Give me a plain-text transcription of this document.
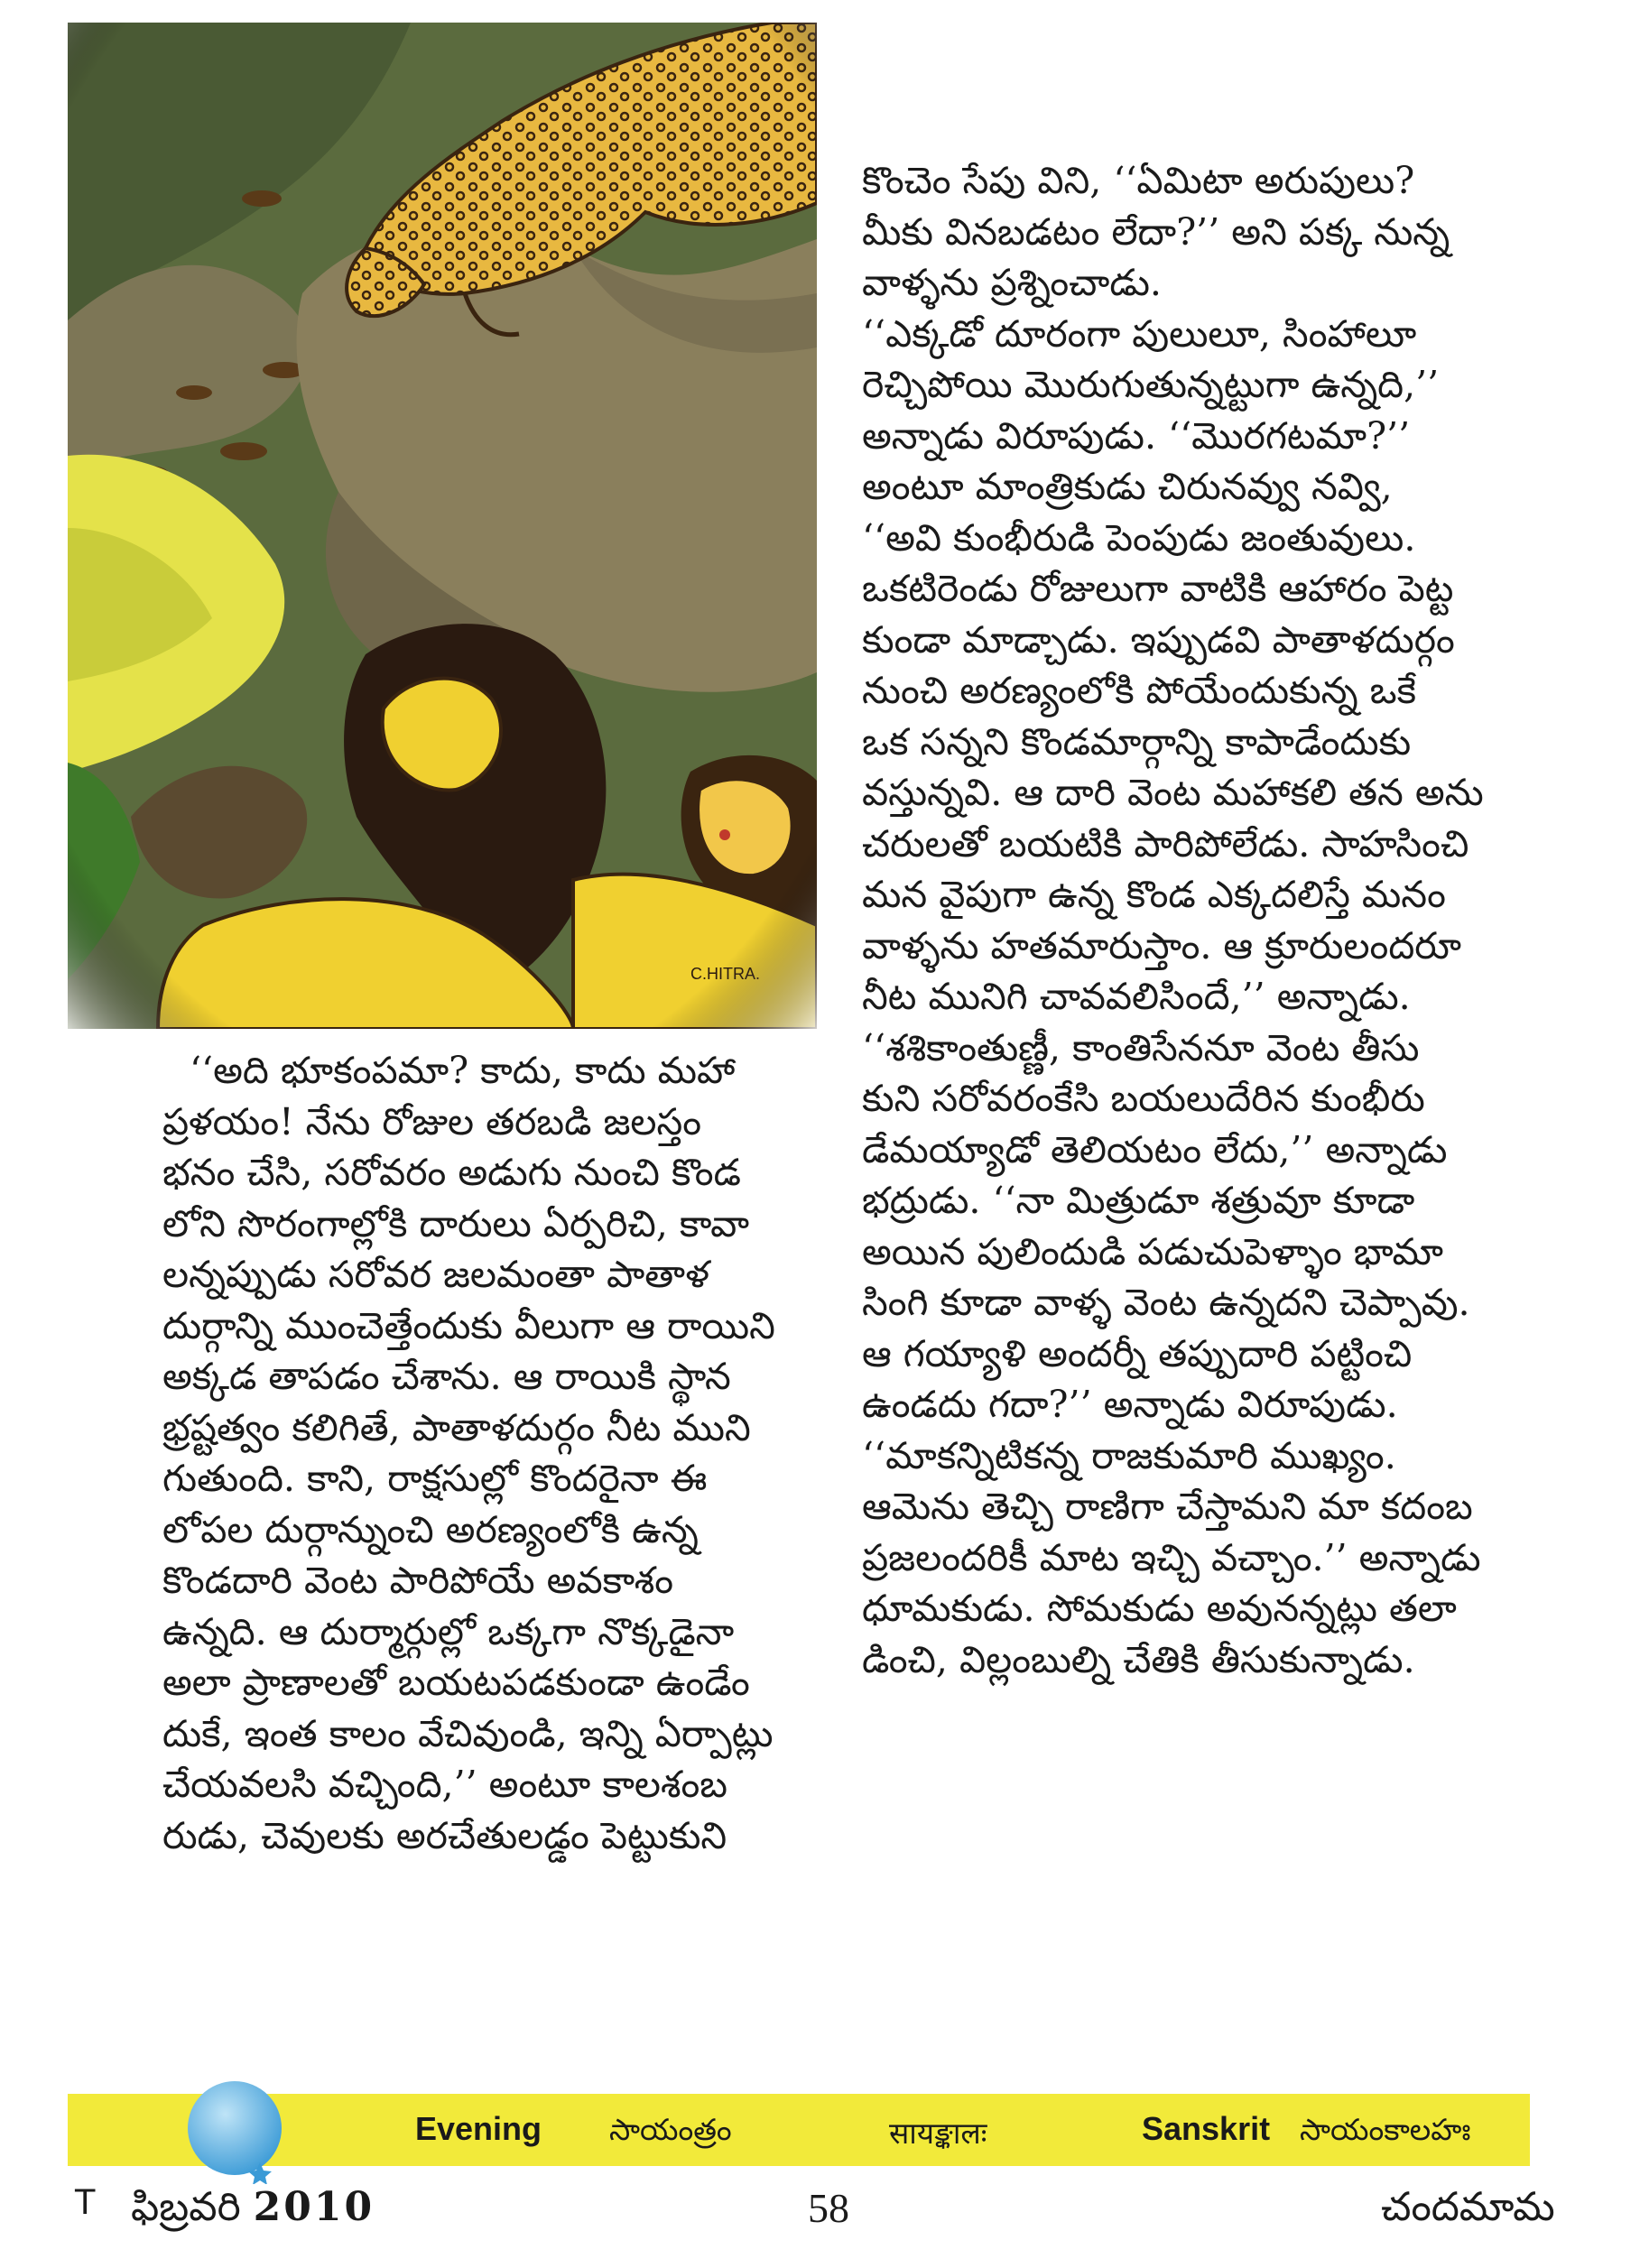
కొంచెం సేపు విని, ‘‘ఏమిటా అరుపులు?
మీకు వినబడటం లేదా?’’ అని పక్క నున్న
వాళ్ళను ప్రశ్నించాడు.
‘‘ఎక్కడో దూరంగా పులులూ, సింహాలూ
రెచ్చిపోయి మొరుగుతున్నట్టుగా ఉన్నది,’’
అన్నాడు విరూపుడు. ‘‘మొరగటమా?’’
అంటూ మాంత్రికుడు చిరునవ్వు నవ్వి,
‘‘అవి కుంభీరుడి పెంపుడు జంతువులు.
ఒకటిరెండు రోజులుగా వాటికి ఆహారం పెట్ట
కుండా మాడ్చాడు. ఇప్పుడవి పాతాళదుర్గం
నుంచి అరణ్యంలోకి పోయేందుకున్న ఒకే
ఒక సన్నని కొండమార్గాన్ని కాపాడేందుకు
వస్తున్నవి. ఆ దారి వెంట మహాకలి తన అను
చరులతో బయటికి పారిపోలేడు. సాహసించి
మన వైపుగా ఉన్న కొండ ఎక్కదలిస్తే మనం
వాళ్ళను హతమారుస్తాం. ఆ క్రూరులందరూ
నీట మునిగి చావవలిసిందే,’’ అన్నాడు.
‘‘శశికాంతుణ్ణీ, కాంతిసేననూ వెంట తీసు
కుని సరోవరంకేసి బయలుదేరిన కుంభీరు
డేమయ్యాడో తెలియటం లేదు,’’ అన్నాడు
భద్రుడు. ‘‘నా మిత్రుడూ శత్రువూ కూడా
అయిన పులిందుడి పడుచుపెళ్ళాం భామా
సింగి కూడా వాళ్ళ వెంట ఉన్నదని చెప్పావు.
ఆ గయ్యాళి అందర్నీ తప్పుదారి పట్టించి
ఉండదు గదా?’’ అన్నాడు విరూపుడు.
‘‘మాకన్నిటికన్న రాజకుమారి ముఖ్యం.
ఆమెను తెచ్చి రాణిగా చేస్తామని మా కదంబ
ప్రజలందరికీ మాట ఇచ్చి వచ్చాం.’’ అన్నాడు
ధూమకుడు. సోమకుడు అవునన్నట్లు తలా
డించి, విల్లంబుల్ని చేతికి తీసుకున్నాడు.
‘‘అది భూకంపమా? కాదు, కాదు మహా
ప్రళయం! నేను రోజుల తరబడి జలస్తం
భనం చేసి, సరోవరం అడుగు నుంచి కొండ
లోని సొరంగాల్లోకి దారులు ఏర్పరిచి, కావా
లన్నప్పుడు సరోవర జలమంతా పాతాళ
దుర్గాన్ని ముంచెత్తేందుకు వీలుగా ఆ రాయిని
అక్కడ తాపడం చేశాను. ఆ రాయికి స్థాన
భ్రష్టత్వం కలిగితే, పాతాళదుర్గం నీట ముని
గుతుంది. కాని, రాక్షసుల్లో కొందరైనా ఈ
లోపల దుర్గాన్నుంచి అరణ్యంలోకి ఉన్న
కొండదారి వెంట పారిపోయే అవకాశం
ఉన్నది. ఆ దుర్మార్గుల్లో ఒక్కగా నొక్కడైనా
అలా ప్రాణాలతో బయటపడకుండా ఉండేం
దుకే, ఇంత కాలం వేచివుండి, ఇన్ని ఏర్పాట్లు
చేయవలసి వచ్చింది,’’ అంటూ కాలశంబ
రుడు, చెవులకు అరచేతులడ్డం పెట్టుకుని
Evening సాయంత్రం	सायङ्कालः	Sanskrit సాయంకాలహః
T ఫిబ్రవరి 2010	58	చందమామ
